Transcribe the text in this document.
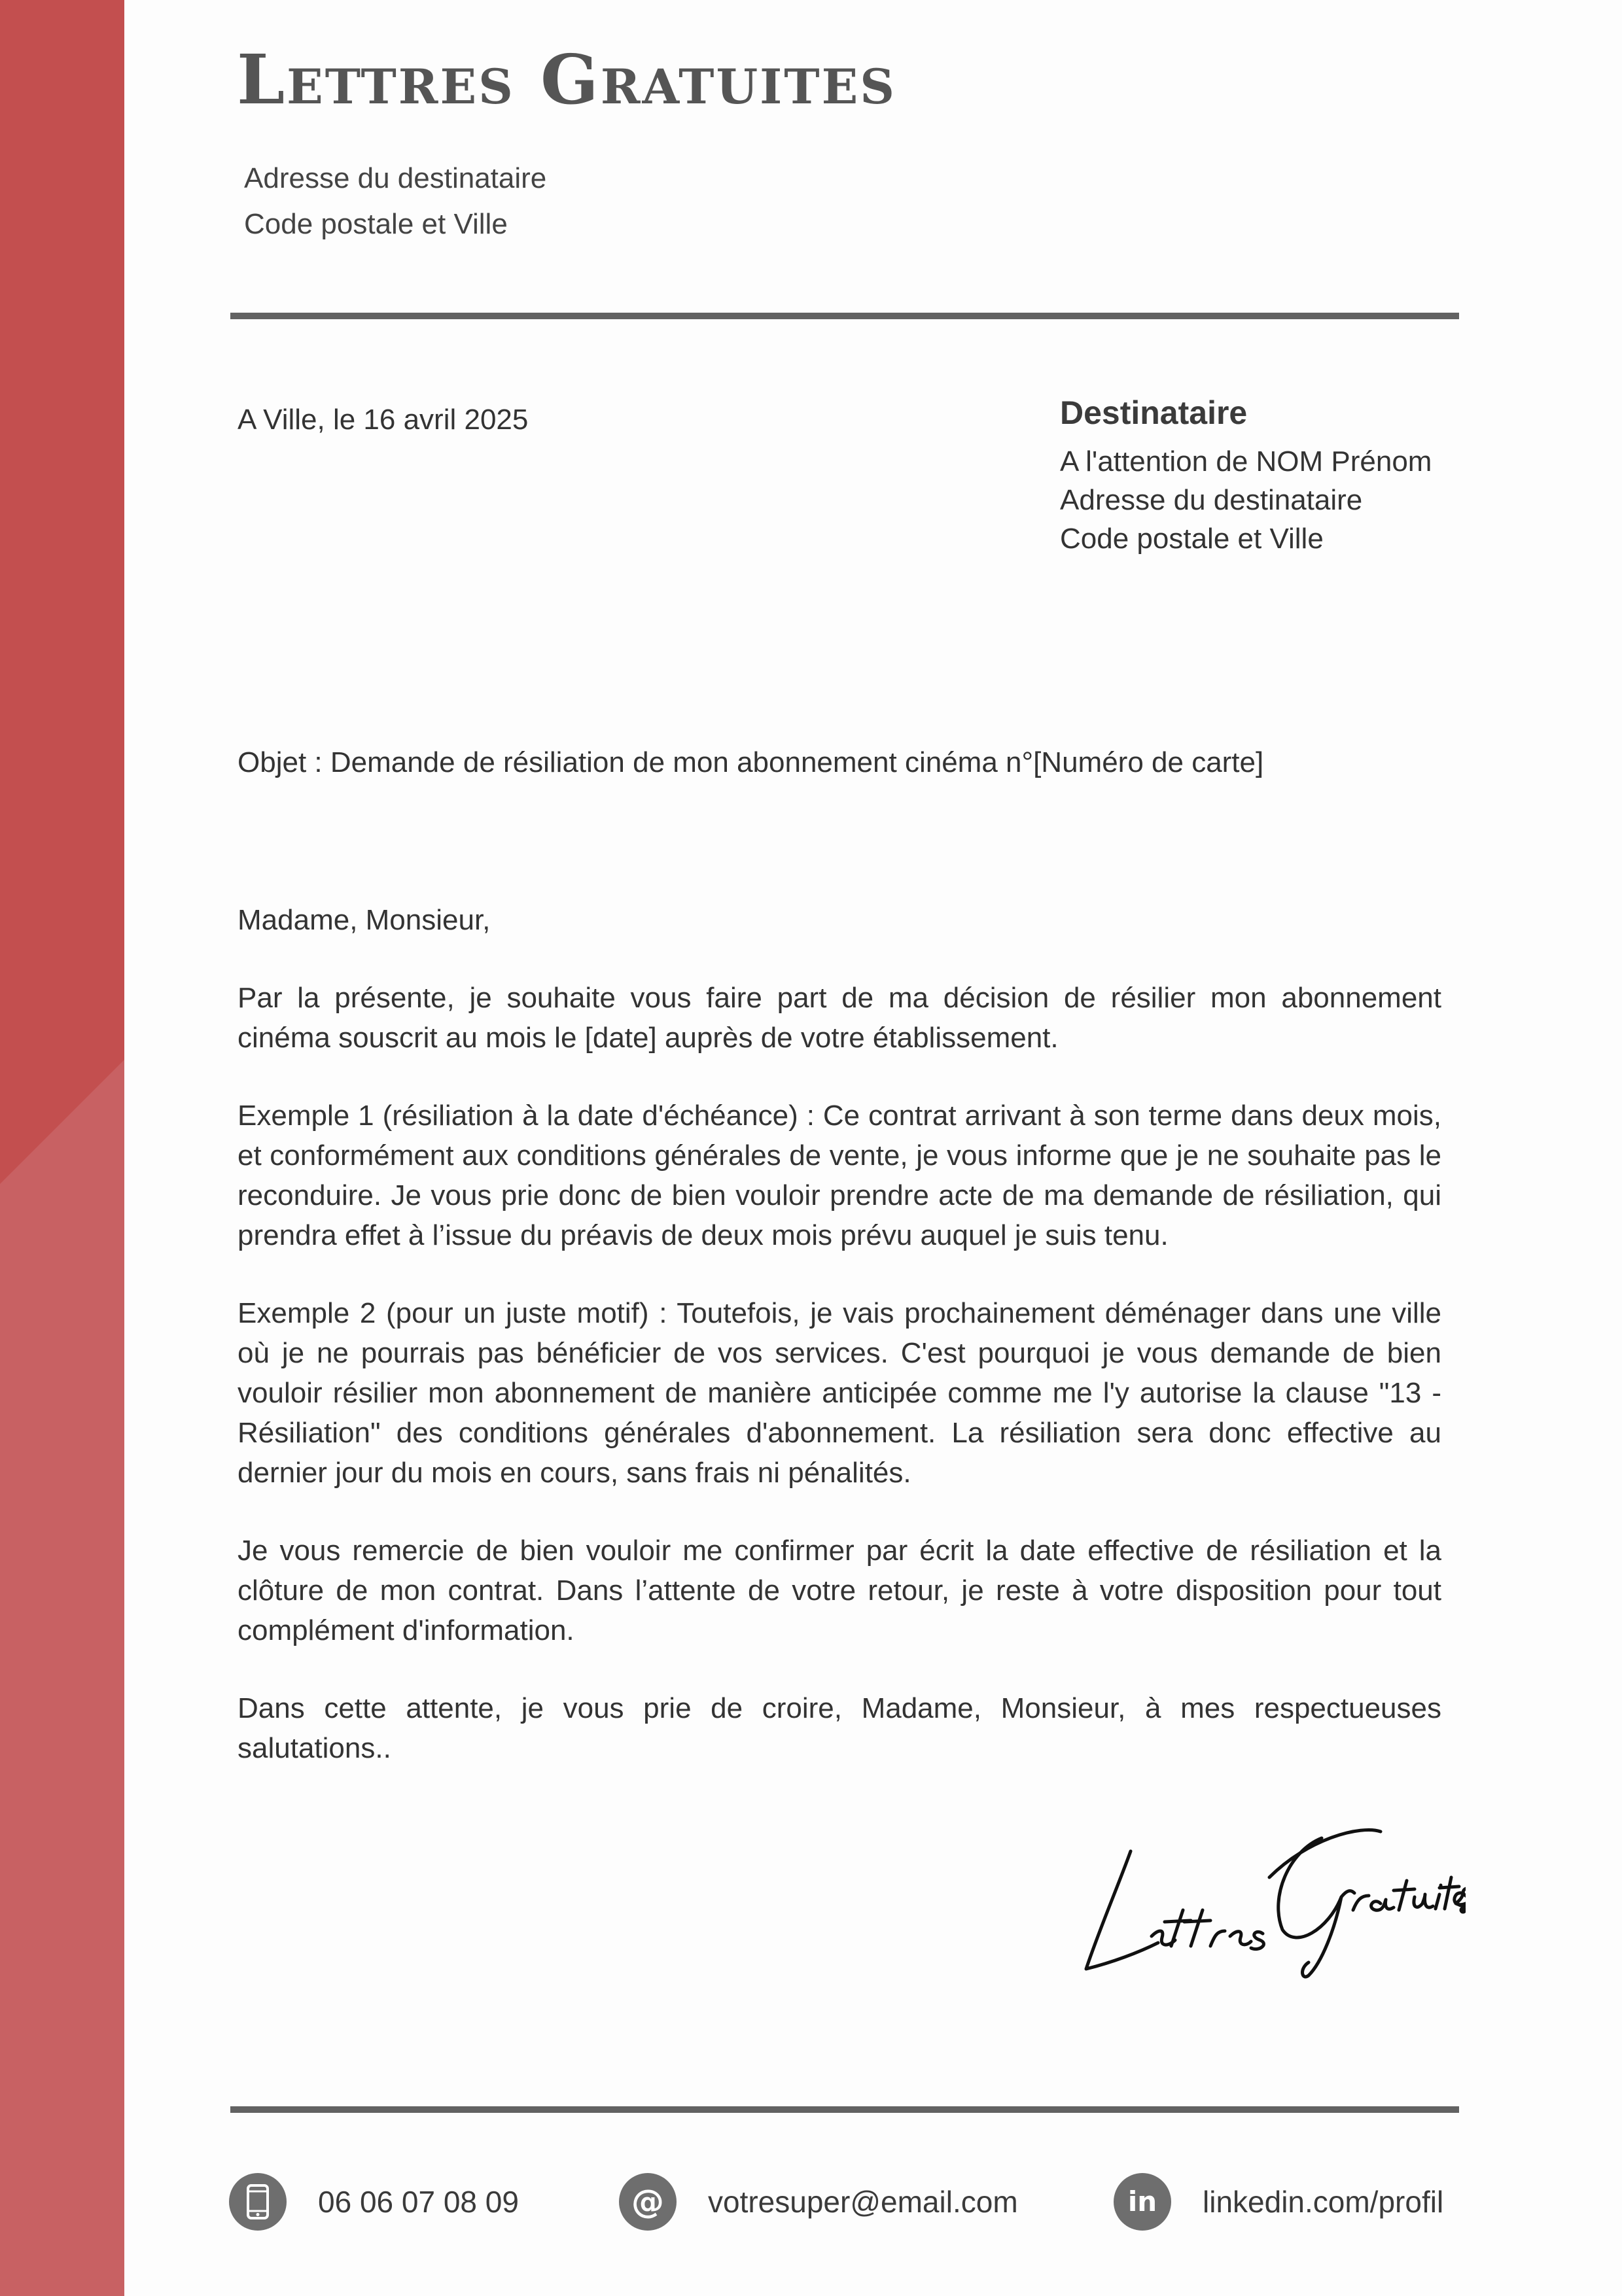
Lettres Gratuites
Adresse du destinataire
Code postale et Ville
A Ville, le 16 avril 2025	Destinataire
A l'attention de NOM Prénom
Adresse du destinataire
Code postale et Ville
Objet : Demande de résiliation de mon abonnement cinéma n°[Numéro de carte]

Madame, Monsieur,

Par la présente, je souhaite vous faire part de ma décision de résilier mon abonnement cinéma souscrit au mois le [date] auprès de votre établissement.

Exemple 1 (résiliation à la date d'échéance) : Ce contrat arrivant à son terme dans deux mois, et conformément aux conditions générales de vente, je vous informe que je ne souhaite pas le reconduire. Je vous prie donc de bien vouloir prendre acte de ma demande de résiliation, qui prendra effet à l’issue du préavis de deux mois prévu auquel je suis tenu.

Exemple 2 (pour un juste motif) : Toutefois, je vais prochainement déménager dans une ville où je ne pourrais pas bénéficier de vos services. C'est pourquoi je vous demande de bien vouloir résilier mon abonnement de manière anticipée comme me l'y autorise la clause "13 - Résiliation" des conditions générales d'abonnement. La résiliation sera donc effective au dernier jour du mois en cours, sans frais ni pénalités.

Je vous remercie de bien vouloir me confirmer par écrit la date effective de résiliation et la clôture de mon contrat. Dans l’attente de votre retour, je reste à votre disposition pour tout complément d'information.

Dans cette attente, je vous prie de croire, Madame, Monsieur, à mes respectueuses salutations..

06 06 07 08 09	@ votresuper@email.com	in linkedin.com/profil
